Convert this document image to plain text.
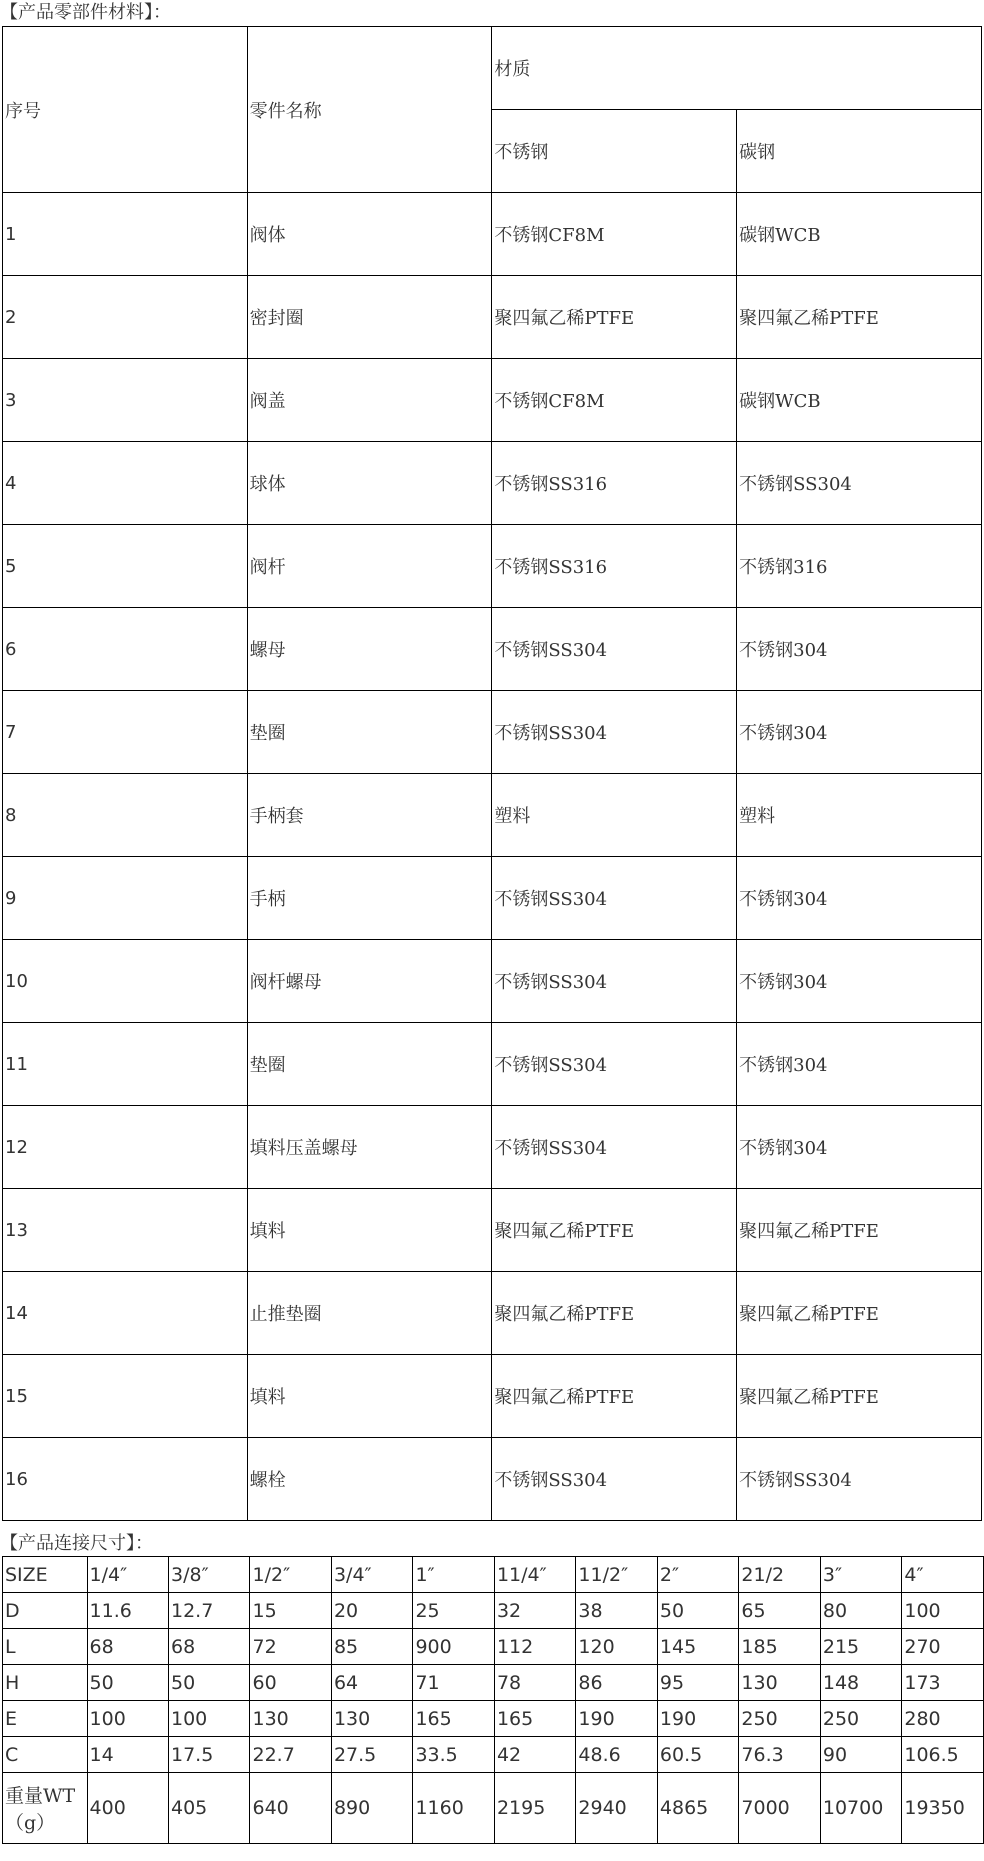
【产品零部件材料】：
序号	零件名称	材质	
		不锈钢	碳钢
1	阀体	不锈钢CF8M	碳钢WCB
2	密封圈	聚四氟乙稀PTFE	聚四氟乙稀PTFE
3	阀盖	不锈钢CF8M	碳钢WCB
4	球体	不锈钢SS316	不锈钢SS304
5	阀杆	不锈钢SS316	不锈钢316
6	螺母	不锈钢SS304	不锈钢304
7	垫圈	不锈钢SS304	不锈钢304
8	手柄套	塑料	塑料
9	手柄	不锈钢SS304	不锈钢304
10	阀杆螺母	不锈钢SS304	不锈钢304
11	垫圈	不锈钢SS304	不锈钢304
12	填料压盖螺母	不锈钢SS304	不锈钢304
13	填料	聚四氟乙稀PTFE	聚四氟乙稀PTFE
14	止推垫圈	聚四氟乙稀PTFE	聚四氟乙稀PTFE
15	填料	聚四氟乙稀PTFE	聚四氟乙稀PTFE
16	螺栓	不锈钢SS304	不锈钢SS304
【产品连接尺寸】：
SIZE	1/4″	3/8″	1/2″	3/4″	1″	11/4″	11/2″	2″	21/2	3″	4″
D	11.6	12.7	15	20	25	32	38	50	65	80	100
L	68	68	72	85	900	112	120	145	185	215	270
H	50	50	60	64	71	78	86	95	130	148	173
E	100	100	130	130	165	165	190	190	250	250	280
C	14	17.5	22.7	27.5	33.5	42	48.6	60.5	76.3	90	106.5

重量WT
（g）	400	405	640	890	1160	2195	2940	4865	7000	10700	19350
